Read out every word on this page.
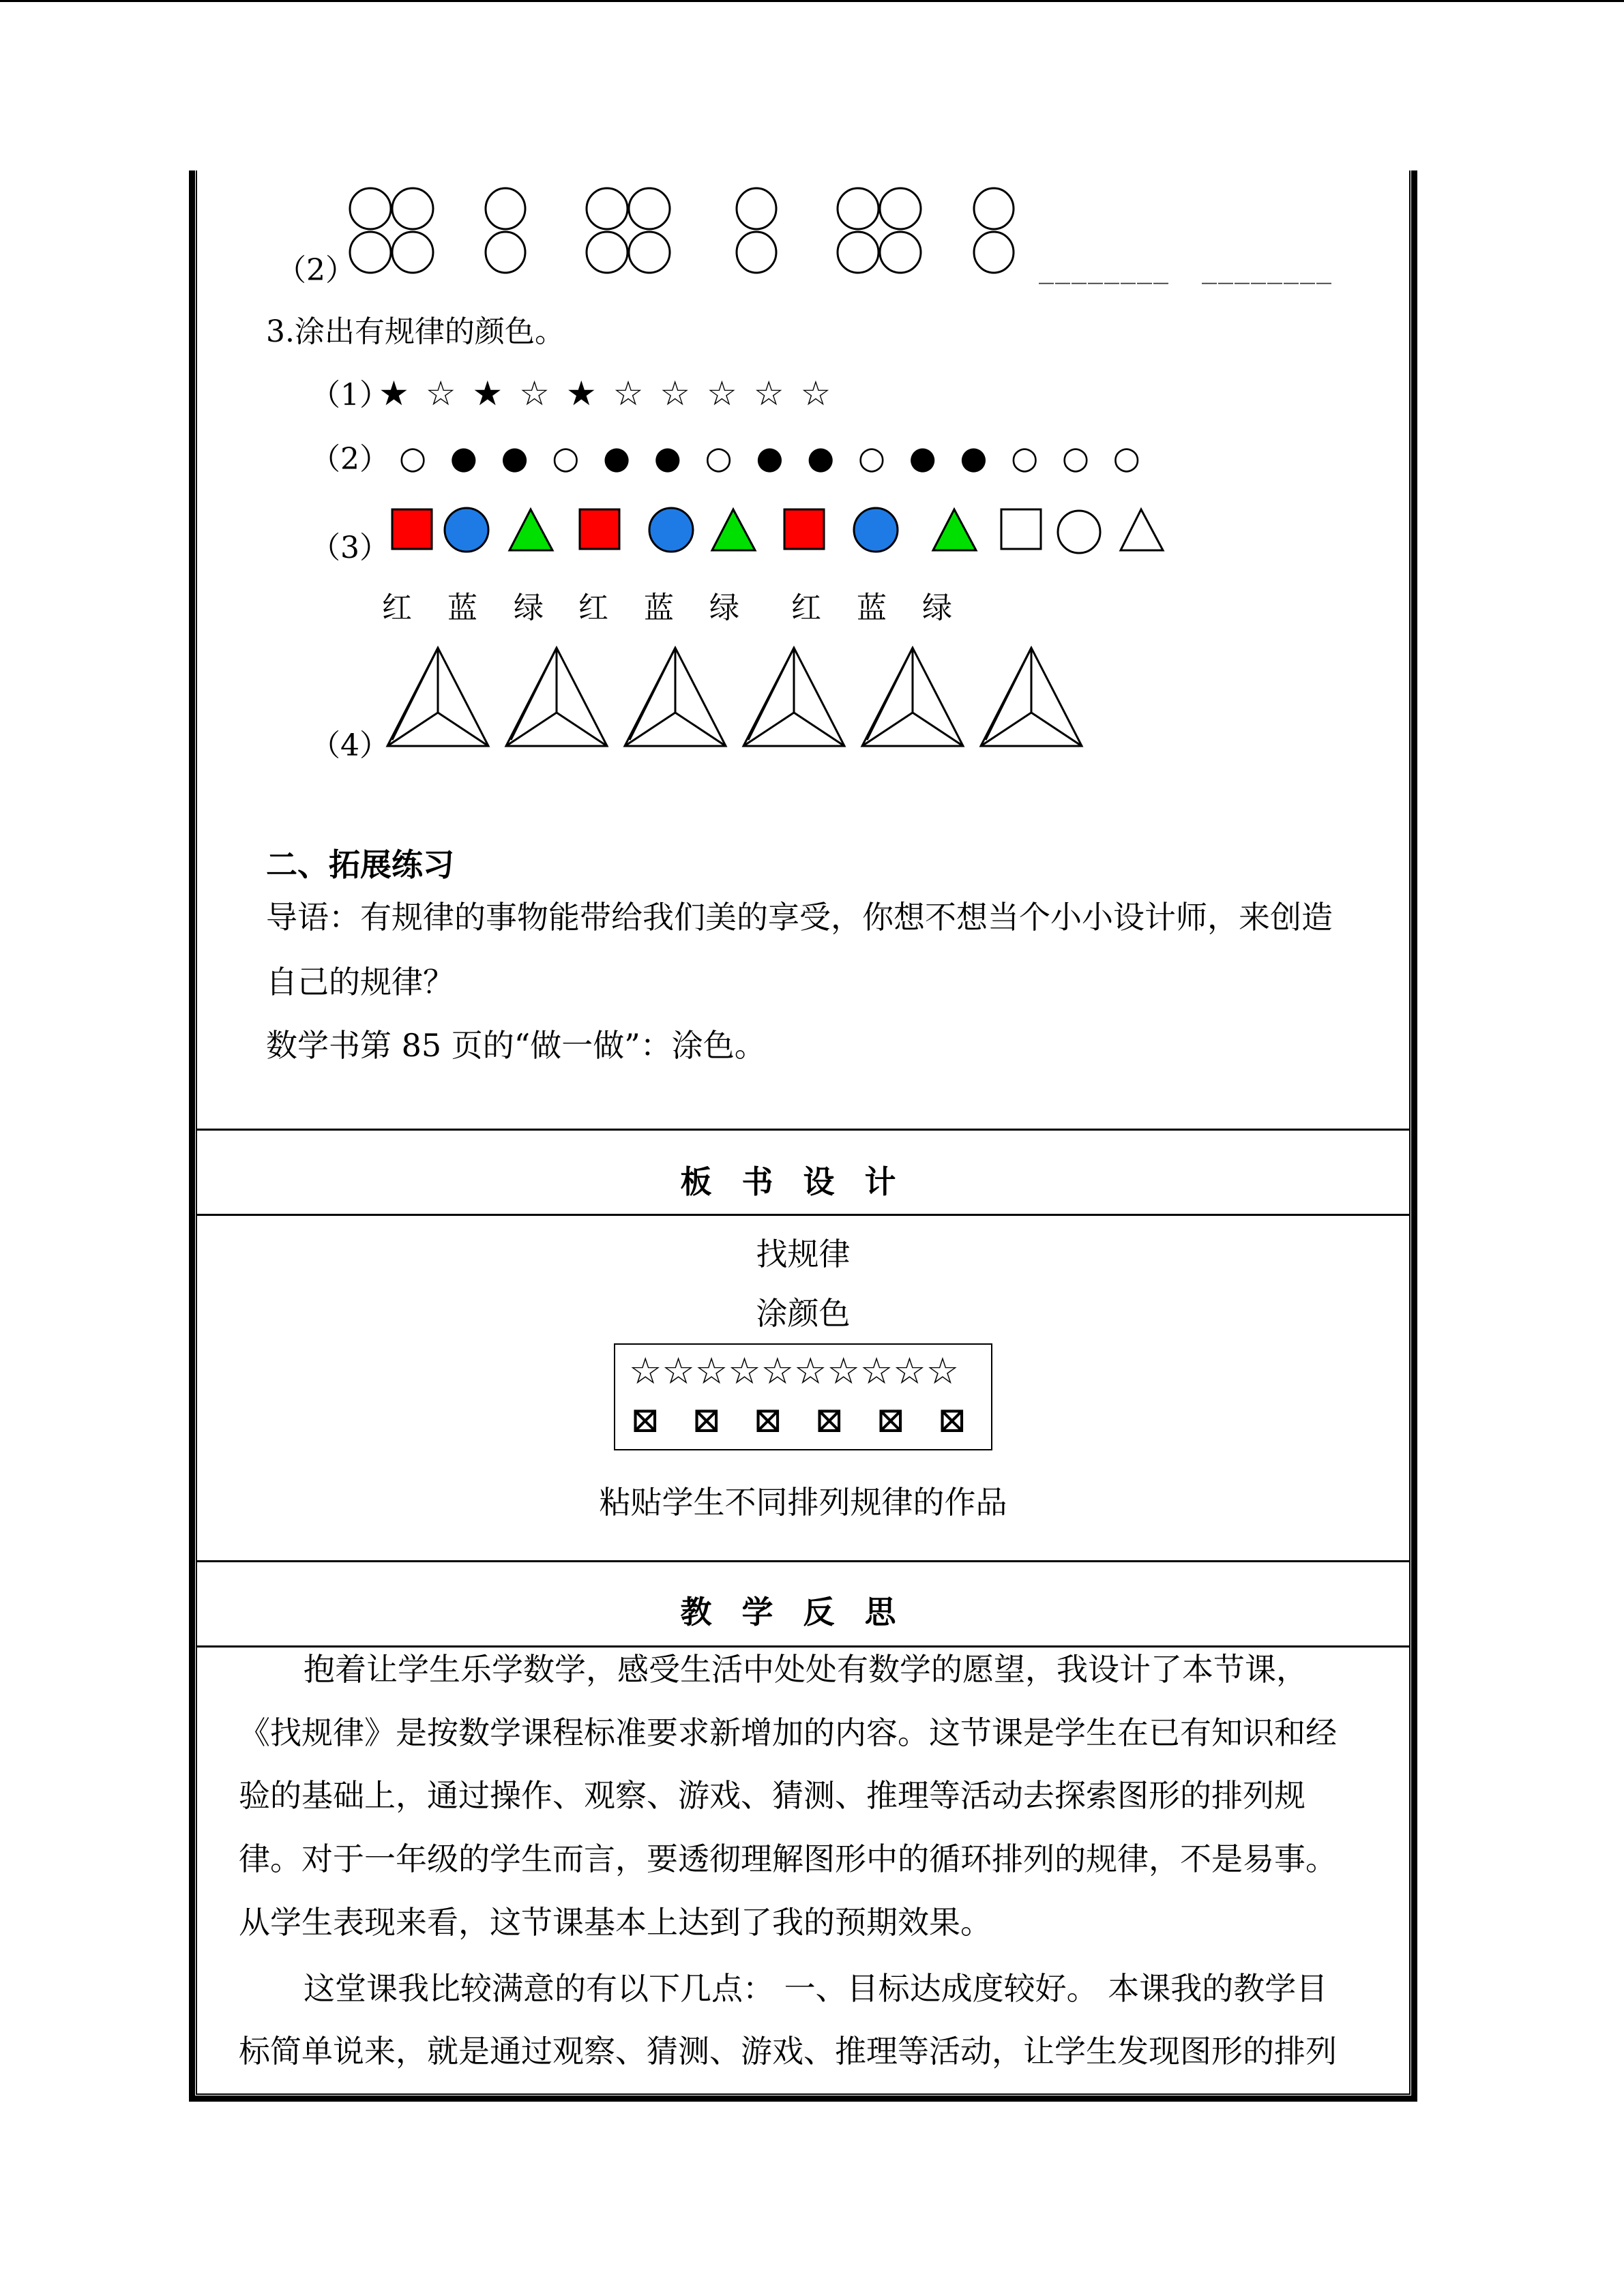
（2）	________ ________
3.涂出有规律的颜色。
（1）
★ ☆ ★ ☆ ★ ☆ ☆ ☆ ☆ ☆
（2） ○ ● ● ○ ● ● ○ ● ● ○ ● ● ○ ○ ○
（3）
红 蓝 绿 红 蓝 绿 红 蓝 绿
（4）
二、拓展练习
导语：有规律的事物能带给我们美的享受，你想不想当个小小设计师，来创造
自己的规律？
数学书第 85 页的“做一做”：涂色。
板书设计
找规律
涂颜色
☆☆☆☆☆☆☆☆☆☆
⊠ ⊠ ⊠ ⊠ ⊠ ⊠
粘贴学生不同排列规律的作品
教学反思
抱着让学生乐学数学，感受生活中处处有数学的愿望，我设计了本节课，
《找规律》是按数学课程标准要求新增加的内容。这节课是学生在已有知识和经
验的基础上，通过操作、观察、游戏、猜测、推理等活动去探索图形的排列规
律。对于一年级的学生而言，要透彻理解图形中的循环排列的规律，不是易事。
从学生表现来看，这节课基本上达到了我的预期效果。
这堂课我比较满意的有以下几点： 一、目标达成度较好。 本课我的教学目
标简单说来，就是通过观察、猜测、游戏、推理等活动，让学生发现图形的排列
